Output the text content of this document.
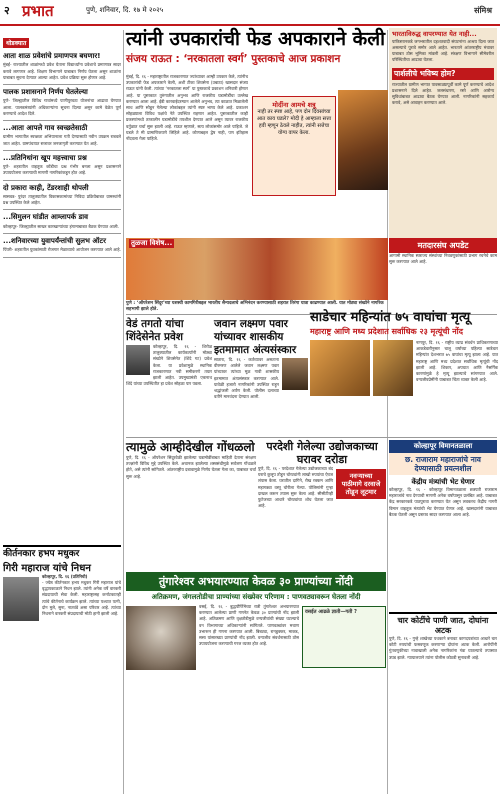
२ प्रभात	पुणे, शनिवार, दि. १७ मे २०२५	संमिश्र
थोडक्यात
आता शाळ प्रवेशांचे प्रमाणपत्र बघणार!
मुंबई- राज्यातील शाळांमध्ये प्रवेश घेताना विद्यार्थ्यांना प्रवेशाचे प्रमाणपत्र सादर करावे लागणार आहे. शिक्षण विभागाने याबाबत निर्णय घेतला असून शाळांना याबाबत सूचना देण्यात आल्या आहेत. प्रवेश प्रक्रिया सुरू होणार आहे.
पालक प्रशासनाने निर्णय घेतलेल्या
पुणे- जिल्ह्यातील विविध गावांमध्ये पाणीपुरवठा योजनांचा आढावा घेण्यात आला. पालकमंत्र्यांनी अधिकाऱ्यांना सूचना दिल्या असून कामे वेळेत पूर्ण करण्याचे आदेश दिले.
...आता आपले गाव स्वच्छतेसाठी
ग्रामीण भागातील स्वच्छता अभियानाला गती देण्यासाठी नवीन उपक्रम राबवले जात आहेत. ग्रामपंचायत स्तरावर जनजागृती करण्यात येत आहे.
...प्रतिनिधांना खूप महत्त्वाचा प्रश्न
पुणे- शहरातील वाहतूक कोंडीचा प्रश्न गंभीर बनला असून प्रशासनाने उपाययोजना करण्याची मागणी नागरिकांकडून होत आहे.
दो प्रकारा काही, टेंडरशाही थोपली
सासवड- पुरंदर तालुक्यातील विकासकामांच्या निविदा प्रक्रियेबाबत ग्रामस्थांनी प्रश्न उपस्थित केले आहेत.
...सिमुलन घांडीत आम्लापर्क डाव
कोल्हापूर- जिल्ह्यातील साखर कारखान्यांच्या हंगामाबाबत बैठक घेण्यात आली.
...शनिवारच्या युवापर्यंन्तांची सुलभ ऑटर
पिंपरी- शहरातील युवकांसाठी रोजगार मेळाव्याचे आयोजन करण्यात आले आहे.
कीर्तनकार हभप मधुकर
गिरी महाराज यांचे निधन
कोल्हापूर, दि. १६ (प्रतिनिधी)
- ज्येष्ठ कीर्तनकार हभप मधुकर गिरी महाराज यांचे वृद्धापकाळाने निधन झाले. त्यांनी अनेक वर्षे वारकरी संप्रदायाची सेवा केली. महाराष्ट्रासह कर्नाटकातही त्यांचे कीर्तनाचे कार्यक्रम झाले. त्यांच्या पश्चात पत्नी, दोन मुले, सुना, नातवंडे असा परिवार आहे. त्यांच्या निधनाने वारकरी संप्रदायाची मोठी हानी झाली आहे.
त्यांनी उपकारांची फेड अपकाराने केली
संजय राऊत : ‘नरकातला स्वर्ग’ पुस्तकाचे आज प्रकाशन
भारताविरुद्ध वापरण्यात येत नाही...
पाकिस्तानकडे जगभरातील दहशतवादी संघटनांना आश्रय दिला जात असल्याचे पुरावे समोर आले आहेत. भारताने आंतरराष्ट्रीय मंचावर याबाबत ठोस भूमिका मांडली आहे. संरक्षण विभागाने सीमेवरील परिस्थितीचा आढावा घेतला.
पार्शलीचे भविष्य होम?
राज्यातील ग्रामीण भागात पावसाळ्यापूर्वी कामे पूर्ण करण्याचे आदेश प्रशासनाने दिले आहेत. जलसंधारण, रस्ते आणि आरोग्य सुविधांबाबत आढावा बैठक घेण्यात आली. नागरिकांनी सहकार्य करावे, असे आवाहन करण्यात आले.
मुंबई, दि. १६ - महाराष्ट्रातील राजकारणात ज्यांच्यावर आम्ही उपकार केले, त्यांनीच उपकारांची फेड अपकाराने केली, अशी टीका शिवसेना (उबाठा) खासदार संजय राऊत यांनी केली. त्यांच्या ‘नरकातला स्वर्ग’ या पुस्तकाचे प्रकाशन शनिवारी होणार आहे. या पुस्तकात तुरुंगातील अनुभव आणि राजकीय घडामोडींचा उल्लेख करण्यात आला आहे. ईडी कारवाईदरम्यान आलेले अनुभव, त्या काळात मिळालेली साथ आणि सोडून गेलेल्या लोकांबद्दल त्यांनी स्पष्ट भाष्य केले आहे. प्रकाशन सोहळ्याला विविध पक्षांचे नेते उपस्थित राहणार आहेत. पुस्तकातील काही प्रकरणांमध्ये तत्कालीन घडामोडींचे तपशील देण्यात आले असून त्यावर राजकीय वर्तुळात चर्चा सुरू झाली आहे. राऊत म्हणाले, सत्य लोकांसमोर आले पाहिजे. जे घडले ते मी प्रामाणिकपणे लिहिले आहे. कोणाबद्दल द्वेष नाही, पण इतिहास नोंदवला गेला पाहिजे.
मोदींना आमचे शत्रू
नाही तर स्पष्ट आहे, पण दोन दिवसांच्या आत काय घडले? मोदी हे आम्हाला सत्ता हवी म्हणून ठेवले नाहीत, त्यांनी सत्तेचा योग्य वापर केला.
तुळजा विशेष...
पुणे : ‘ऑपरेशन सिंदूर’च्या यशस्वी कामगिरीबद्दल भारतीय सैन्यदलाचे अभिनंदन करण्यासाठी शहरात तिरंगा यात्रा काढण्यात आली. यात मोठ्या संख्येने नागरिक सहभागी झाले होते.
मतदारसंघ अपडेट
आगामी स्थानिक स्वराज्य संस्थांच्या निवडणुकांसाठी प्रभाग रचनेचे काम सुरू करण्यात आले आहे.
वेडं तगतो यांचा शिंदेसेनेत प्रवेश
कोल्हापूर, दि. १६ - शिरोळ तालुक्यातील कार्यकर्त्यांनी मोठ्या संख्येने शिवसेनेत (शिंदे गट) प्रवेश केला. या प्रवेशामुळे स्थानिक राजकारणात नवी समीकरणे तयार झाली आहेत. उपमुख्यमंत्री एकनाथ शिंदे यांच्या उपस्थितीत हा प्रवेश सोहळा पार पडला.
जवान लक्ष्मण पवार यांच्यावर शासकीय इतमामात अंत्यसंस्कार
सातारा, दि. १६ - कर्तव्यावर असताना वीरमरण आलेले जवान लक्ष्मण पवार यांच्यावर त्यांच्या मूळ गावी शासकीय इतमामात अंत्यसंस्कार करण्यात आले. यावेळी हजारो नागरिकांनी उपस्थित राहून श्रद्धांजली अर्पण केली. पोलीस दलाच्या वतीने मानवंदना देण्यात आली.
साडेचार महिन्यांत ७५ वाघांचा मृत्यू
महाराष्ट्र आणि मध्य प्रदेशात सर्वाधिक २३ मृत्यूंची नोंद
नागपूर, दि. १६ - राष्ट्रीय व्याघ्र संवर्धन प्राधिकरणाच्या आकडेवारीनुसार चालू वर्षाच्या पहिल्या साडेचार महिन्यांत देशभरात ७५ वाघांचा मृत्यू झाला आहे. यात महाराष्ट्र आणि मध्य प्रदेशात सर्वाधिक मृत्यूंची नोंद झाली आहे. शिकार, अपघात आणि नैसर्गिक कारणांमुळे हे मृत्यू झाल्याचे सांगण्यात आले. वन्यजीवप्रेमींनी याबाबत चिंता व्यक्त केली आहे.
त्यामुळे आम्हीदेखील गोंधळलो
पुणे, दि. १६ - ऑपरेशन सिंदूरवेळी झालेल्या घडामोडींबाबत माहिती देताना संरक्षण तज्ज्ञांनी विविध मुद्दे उपस्थित केले. अचानक झालेल्या शस्त्रसंधीमुळे सर्वजण गोंधळले होते, असे त्यांनी सांगितले. आंतरराष्ट्रीय दबावामुळे निर्णय घेतला गेला का, याबाबत चर्चा सुरू आहे.
परदेशी गेलेल्या उद्योजकाच्या घरावर दरोडा
नवऱ्याच्या पाठीमागे दरवाजे तोडून लूटमार
पुणे, दि. १६ - परदेशात गेलेल्या उद्योजकाच्या बंद घराचे कुलूप तोडून चोरट्यांनी लाखो रुपयांचा ऐवज लंपास केला. घरातील दागिने, रोख रक्कम आणि महागड्या वस्तू चोरीला गेल्या. पोलिसांनी गुन्हा दाखल करून तपास सुरू केला आहे. सीसीटीव्ही फुटेजच्या आधारे चोरट्यांचा शोध घेतला जात आहे.
कोल्हापूर विमानतळाला
छ. राजाराम महाराजांचे नाव देण्यासाठी प्रयत्नशील
केंद्रीय मंत्र्यांची भेट घेणार
कोल्हापूर, दि. १६ - कोल्हापूर विमानतळाला छत्रपती राजाराम महाराजांचे नाव देण्याची मागणी अनेक वर्षांपासून प्रलंबित आहे. याबाबत केंद्र सरकारकडे पाठपुरावा करण्यात येत असून लवकरच केंद्रीय नागरी विमान वाहतूक मंत्र्यांची भेट घेण्यात येणार आहे. खासदारांनी याबाबत बैठक घेतली असून प्रस्ताव सादर करण्यात आला आहे.
तुंगारेश्वर अभयारण्यात केवळ ३० प्राण्यांच्या नोंदी
अतिक्रमण, जंगलतोडीचा प्राण्यांच्या संख्येवर परिणाम : पाणवठ्यावरून घेतला नोंदी
वसईत आढळे ज्ञाती—गती ?
वसई, दि. १६ - बुद्धपौर्णिमेच्या रात्री तुंगारेश्वर अभयारण्यात करण्यात आलेल्या प्राणी गणनेत केवळ ३० प्राण्यांची नोंद झाली आहे. अतिक्रमण आणि वृक्षतोडीमुळे वन्यजीवांची संख्या घटल्याचे वन विभागाच्या अधिकाऱ्यांनी सांगितले. पाणवठ्यांवर मचाण उभारून ही गणना करण्यात आली. बिबट्या, रानडुक्कर, माकड, ससा यांसारख्या प्राण्यांची नोंद झाली. वन्यजीव संवर्धनासाठी ठोस उपाययोजना करण्याची गरज व्यक्त होत आहे.
चार कोटींचे पाणी जात, दोघांना अटक
पुणे, दि. १६ - गुन्हे शाखेच्या पथकाने बनावट कागदपत्रांच्या आधारे चार कोटी रुपयांची फसवणूक करणाऱ्या दोघांना अटक केली. आरोपींनी गुंतवणुकीच्या नावाखाली अनेक नागरिकांना गंडा घातल्याचे तपासात उघड झाले. न्यायालयाने त्यांना पोलीस कोठडी सुनावली आहे.
